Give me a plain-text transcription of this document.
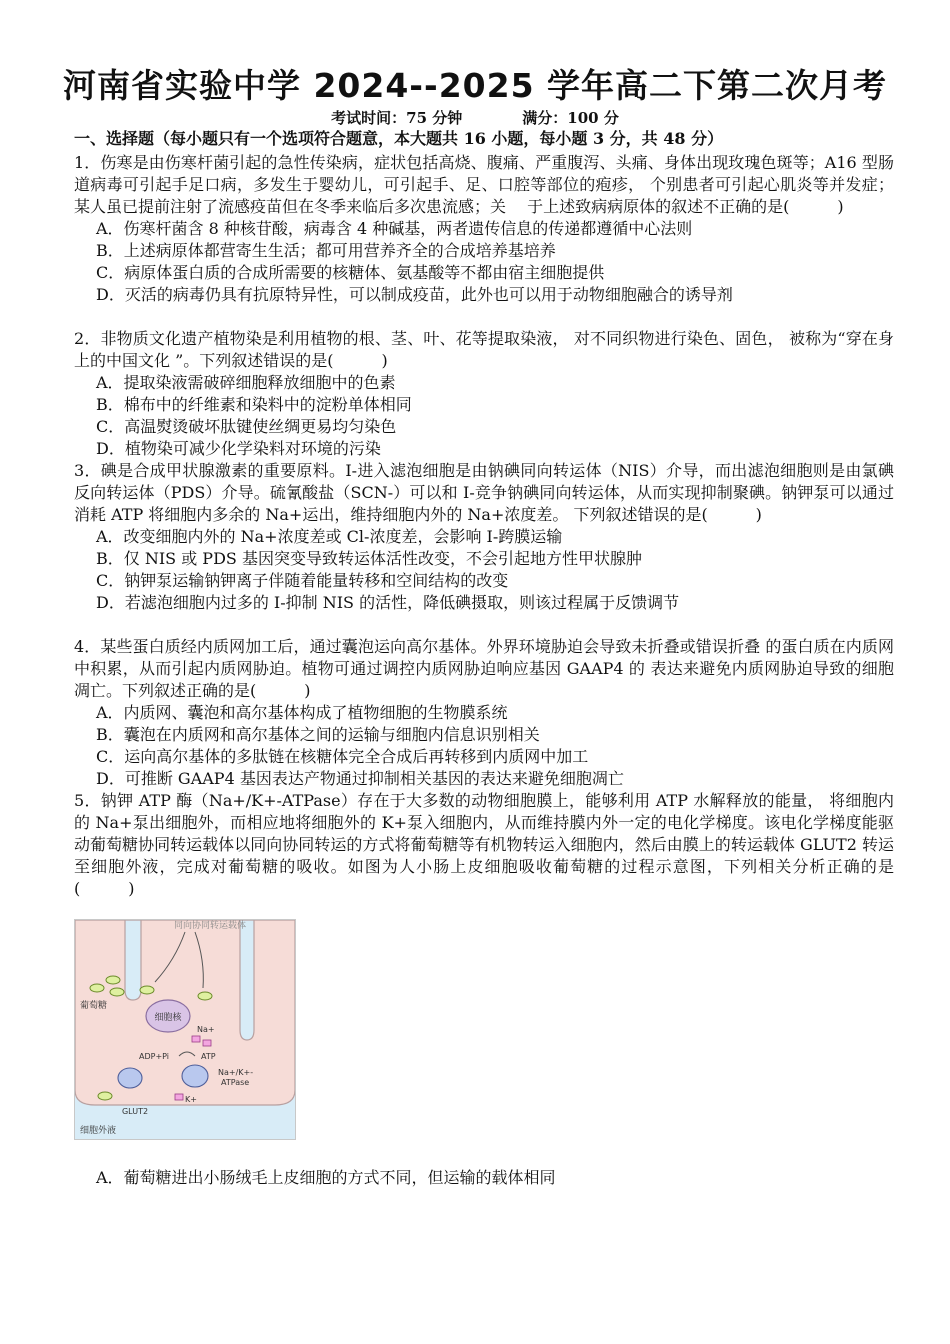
河南省实验中学 2024--2025 学年高二下第二次月考
考试时间：75 分钟	满分：100 分
一、选择题（每小题只有一个选项符合题意，本大题共 16 小题，每小题 3 分，共 48 分）

1．伤寒是由伤寒杆菌引起的急性传染病，症状包括高烧、腹痛、严重腹泻、头痛、身体出现玫瑰色斑等；A16 型肠道病毒可引起手足口病，多发生于婴幼儿，可引起手、足、口腔等部位的疱疹， 个别患者可引起心肌炎等并发症；某人虽已提前注射了流感疫苗但在冬季来临后多次患流感；关　 于上述致病病原体的叙述不正确的是(　　　)

A．伤寒杆菌含 8 种核苷酸，病毒含 4 种碱基，两者遗传信息的传递都遵循中心法则

B．上述病原体都营寄生生活；都可用营养齐全的合成培养基培养

C．病原体蛋白质的合成所需要的核糖体、氨基酸等不都由宿主细胞提供

D．灭活的病毒仍具有抗原特异性，可以制成疫苗，此外也可以用于动物细胞融合的诱导剂

2．非物质文化遗产植物染是利用植物的根、茎、叶、花等提取染液， 对不同织物进行染色、固色， 被称为“穿在身上的中国文化 ”。下列叙述错误的是(　　　)

A．提取染液需破碎细胞释放细胞中的色素

B．棉布中的纤维素和染料中的淀粉单体相同

C．高温熨烫破坏肽键使丝绸更易均匀染色

D．植物染可减少化学染料对环境的污染

3．碘是合成甲状腺激素的重要原料。I-进入滤泡细胞是由钠碘同向转运体（NIS）介导，而出滤泡细胞则是由氯碘反向转运体（PDS）介导。硫氰酸盐（SCN-）可以和 I-竞争钠碘同向转运体，从而实现抑制聚碘。钠钾泵可以通过消耗 ATP 将细胞内多余的 Na+运出，维持细胞内外的 Na+浓度差。 下列叙述错误的是(　　　)

A．改变细胞内外的 Na+浓度差或 Cl-浓度差，会影响 I-跨膜运输

B．仅 NIS 或 PDS 基因突变导致转运体活性改变，不会引起地方性甲状腺肿

C．钠钾泵运输钠钾离子伴随着能量转移和空间结构的改变

D．若滤泡细胞内过多的 I-抑制 NIS 的活性，降低碘摄取，则该过程属于反馈调节

4．某些蛋白质经内质网加工后，通过囊泡运向高尔基体。外界环境胁迫会导致未折叠或错误折叠 的蛋白质在内质网中积累，从而引起内质网胁迫。植物可通过调控内质网胁迫响应基因 GAAP4 的 表达来避免内质网胁迫导致的细胞凋亡。下列叙述正确的是(　　　)

A．内质网、囊泡和高尔基体构成了植物细胞的生物膜系统

B．囊泡在内质网和高尔基体之间的运输与细胞内信息识别相关

C．运向高尔基体的多肽链在核糖体完全合成后再转移到内质网中加工

D．可推断 GAAP4 基因表达产物通过抑制相关基因的表达来避免细胞凋亡

5．钠钾 ATP 酶（Na+/K+-ATPase）存在于大多数的动物细胞膜上，能够利用 ATP 水解释放的能量， 将细胞内的 Na+泵出细胞外，而相应地将细胞外的 K+泵入细胞内，从而维持膜内外一定的电化学梯度。该电化学梯度能驱动葡萄糖协同转运载体以同向协同转运的方式将葡萄糖等有机物转运入细胞内，然后由膜上的转运载体 GLUT2 转运至细胞外液，完成对葡萄糖的吸收。如图为人小肠上皮细胞吸收葡萄糖的过程示意图，下列相关分析正确的是(　　　)

同向协同转运载体
细胞核
葡萄糖
Na+
ADP+Pi	ATP
GLUT2
Na+/K+-
ATPase
K+
细胞外液
A．葡萄糖进出小肠绒毛上皮细胞的方式不同，但运输的载体相同
